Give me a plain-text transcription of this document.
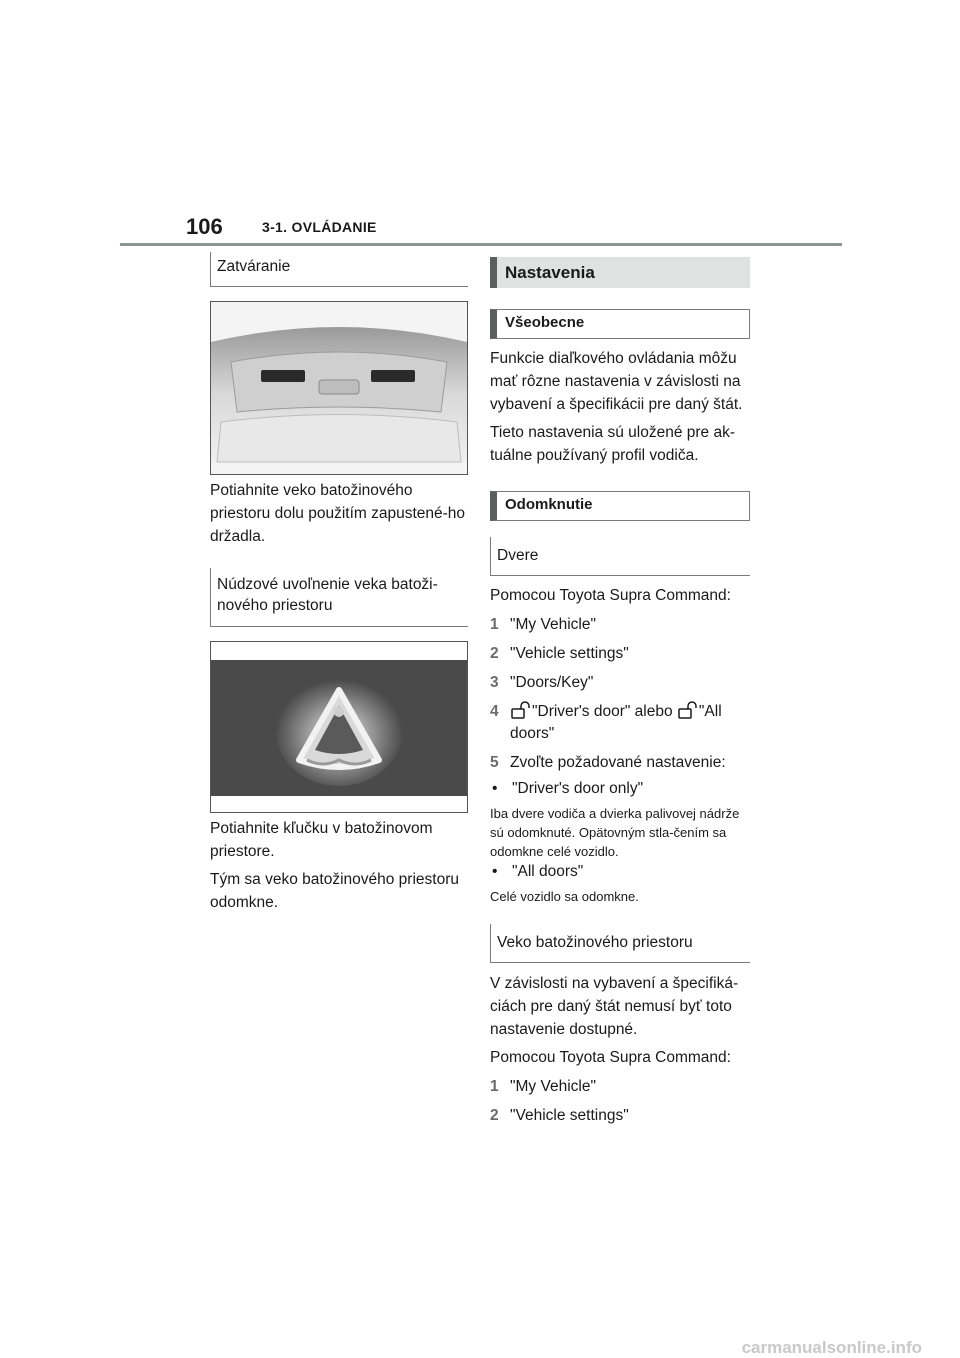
106	3-1. OVLÁDANIE
Zatváranie

Potiahnite veko batožinového priestoru dolu použitím zapustené-ho držadla.

Núdzové uvoľnenie veka batoži-nového priestoru

Potiahnite kľučku v batožinovom priestore.

Tým sa veko batožinového priestoru odomkne.

Nastavenia
Všeobecne

Funkcie diaľkového ovládania môžu mať rôzne nastavenia v závislosti na vybavení a špecifikácii pre daný štát.

Tieto nastavenia sú uložené pre ak-tuálne používaný profil vodiča.

Odomknutie
Dvere

Pomocou Toyota Supra Command:

1 "My Vehicle"
2 "Vehicle settings"
3 "Doors/Key"
4	"Driver's door" alebo "All doors"
5 Zvoľte požadované nastavenie:
• "Driver's door only"

Iba dvere vodiča a dvierka palivovej nádrže sú odomknuté. Opätovným stla-čením sa odomkne celé vozidlo.

• "All doors"

Celé vozidlo sa odomkne.

Veko batožinového priestoru

V závislosti na vybavení a špecifiká-ciách pre daný štát nemusí byť toto nastavenie dostupné.

Pomocou Toyota Supra Command:

1 "My Vehicle"
2 "Vehicle settings"
carmanualsonline.info
